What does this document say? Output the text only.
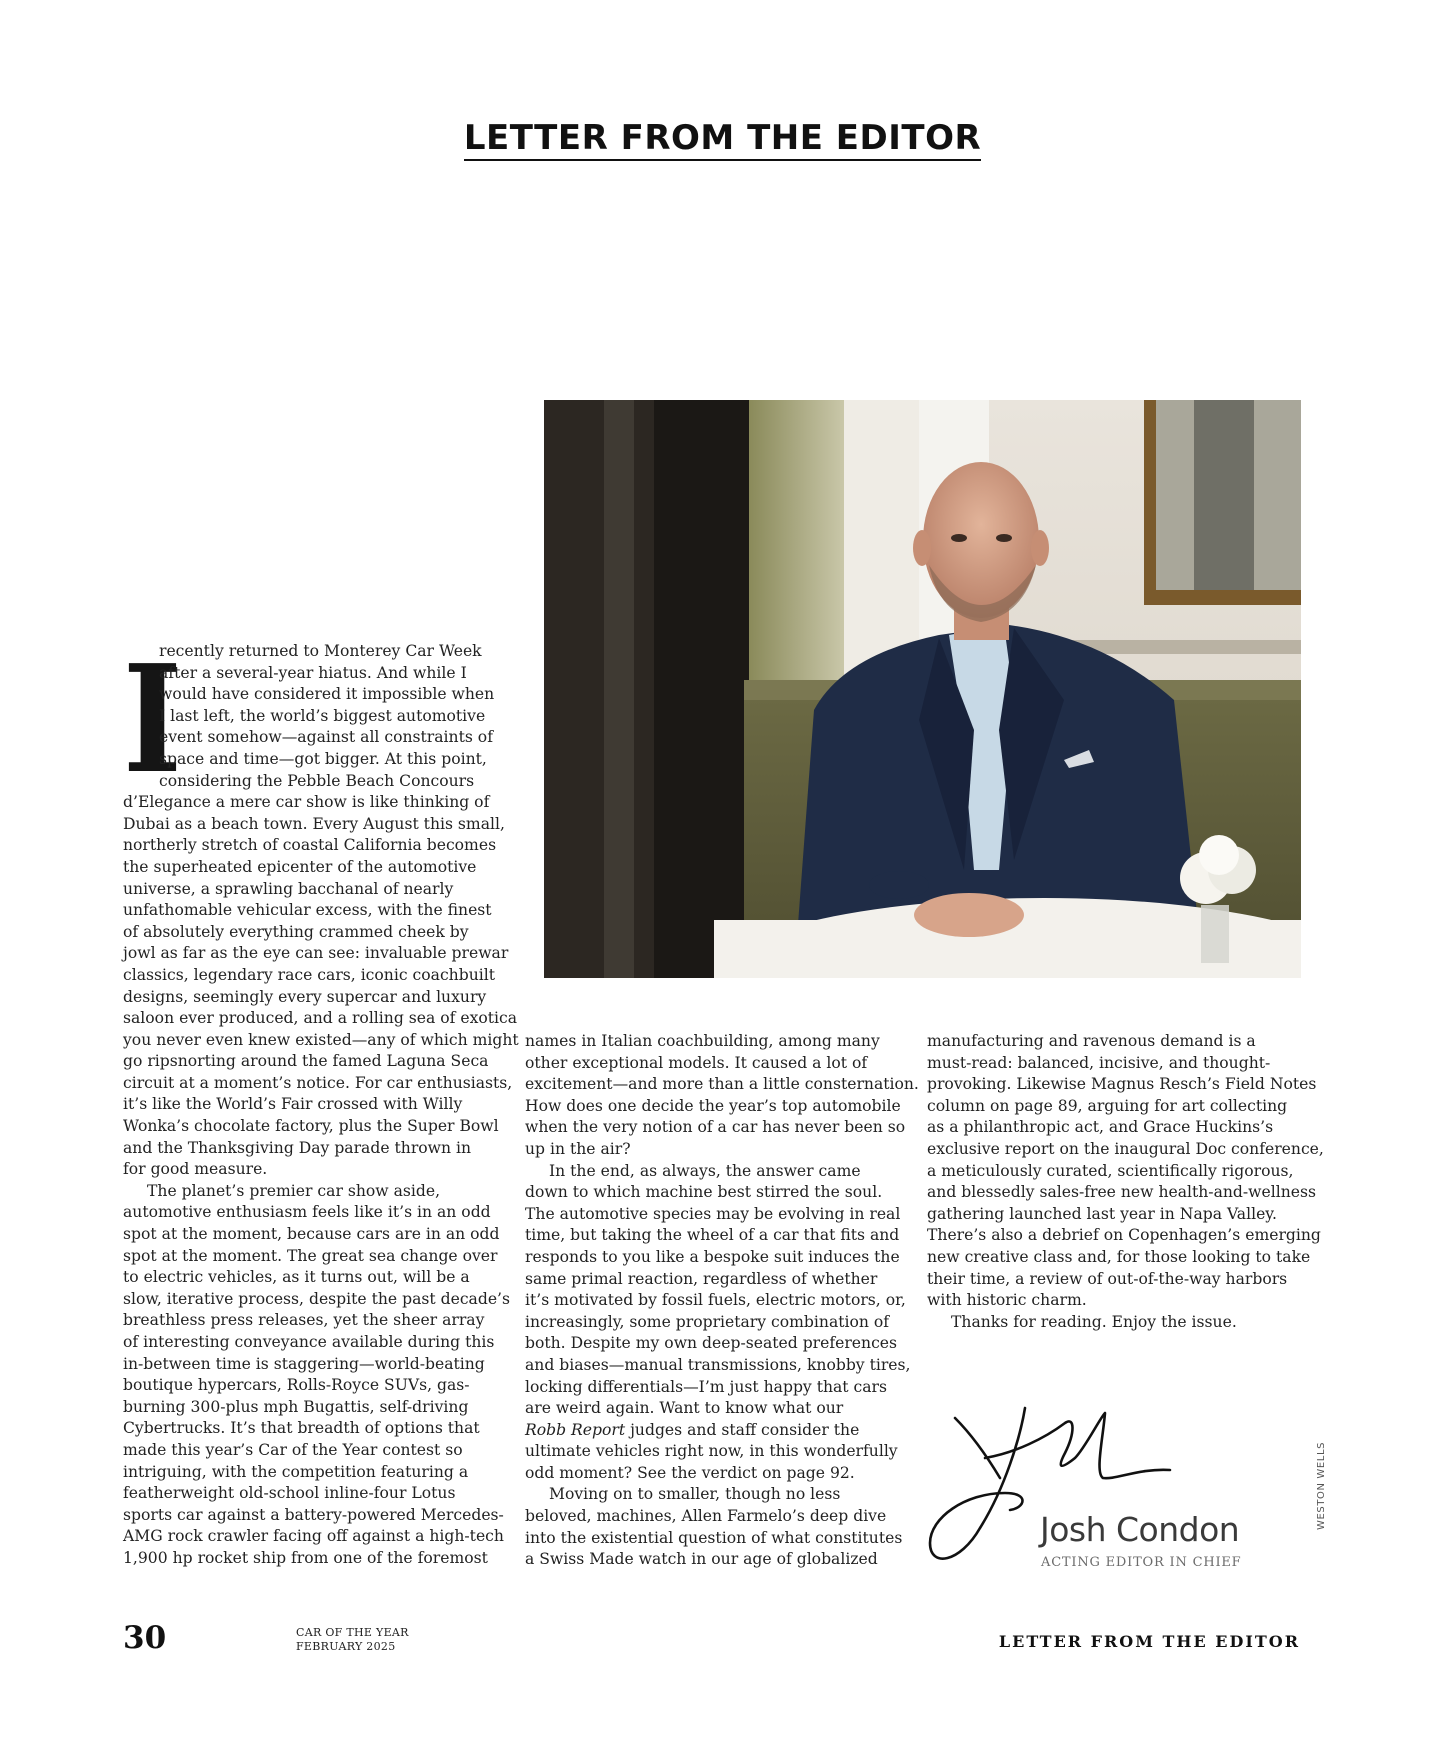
LETTER FROM THE EDITOR
I
recently returned to Monterey Car Week
after a several-year hiatus. And while I
would have considered it impossible when
I last left, the world’s biggest automotive
event somehow—against all constraints of
space and time—got bigger. At this point,
considering the Pebble Beach Concours
d’Elegance a mere car show is like thinking of
Dubai as a beach town. Every August this small,
northerly stretch of coastal California becomes
the superheated epicenter of the automotive
universe, a sprawling bacchanal of nearly
unfathomable vehicular excess, with the finest
of absolutely everything crammed cheek by
jowl as far as the eye can see: invaluable prewar
classics, legendary race cars, iconic coachbuilt
designs, seemingly every supercar and luxury
saloon ever produced, and a rolling sea of exotica
you never even knew existed—any of which might
go ripsnorting around the famed Laguna Seca
circuit at a moment’s notice. For car enthusiasts,
it’s like the World’s Fair crossed with Willy
Wonka’s chocolate factory, plus the Super Bowl
and the Thanksgiving Day parade thrown in
for good measure.
The planet’s premier car show aside,
automotive enthusiasm feels like it’s in an odd
spot at the moment, because cars are in an odd
spot at the moment. The great sea change over
to electric vehicles, as it turns out, will be a
slow, iterative process, despite the past decade’s
breathless press releases, yet the sheer array
of interesting conveyance available during this
in-between time is staggering—world-beating
boutique hypercars, Rolls-Royce SUVs, gas-
burning 300-plus mph Bugattis, self-driving
Cybertrucks. It’s that breadth of options that
made this year’s Car of the Year contest so
intriguing, with the competition featuring a
featherweight old-school inline-four Lotus
sports car against a battery-powered Mercedes-
AMG rock crawler facing off against a high-tech
1,900 hp rocket ship from one of the foremost
names in Italian coachbuilding, among many
other exceptional models. It caused a lot of
excitement—and more than a little consternation.
How does one decide the year’s top automobile
when the very notion of a car has never been so
up in the air?
In the end, as always, the answer came
down to which machine best stirred the soul.
The automotive species may be evolving in real
time, but taking the wheel of a car that fits and
responds to you like a bespoke suit induces the
same primal reaction, regardless of whether
it’s motivated by fossil fuels, electric motors, or,
increasingly, some proprietary combination of
both. Despite my own deep-seated preferences
and biases—manual transmissions, knobby tires,
locking differentials—I’m just happy that cars
are weird again. Want to know what our
Robb Report judges and staff consider the
ultimate vehicles right now, in this wonderfully
odd moment? See the verdict on page 92.
Moving on to smaller, though no less
beloved, machines, Allen Farmelo’s deep dive
into the existential question of what constitutes
a Swiss Made watch in our age of globalized
manufacturing and ravenous demand is a
must-read: balanced, incisive, and thought-
provoking. Likewise Magnus Resch’s Field Notes
column on page 89, arguing for art collecting
as a philanthropic act, and Grace Huckins’s
exclusive report on the inaugural Doc conference,
a meticulously curated, scientifically rigorous,
and blessedly sales-free new health-and-wellness
gathering launched last year in Napa Valley.
There’s also a debrief on Copenhagen’s emerging
new creative class and, for those looking to take
their time, a review of out-of-the-way harbors
with historic charm.
Thanks for reading. Enjoy the issue.
Josh Condon
ACTING EDITOR IN CHIEF
WESTON WELLS
30	CAR OF THE YEAR
FEBRUARY 2025	LETTER FROM THE EDITOR
